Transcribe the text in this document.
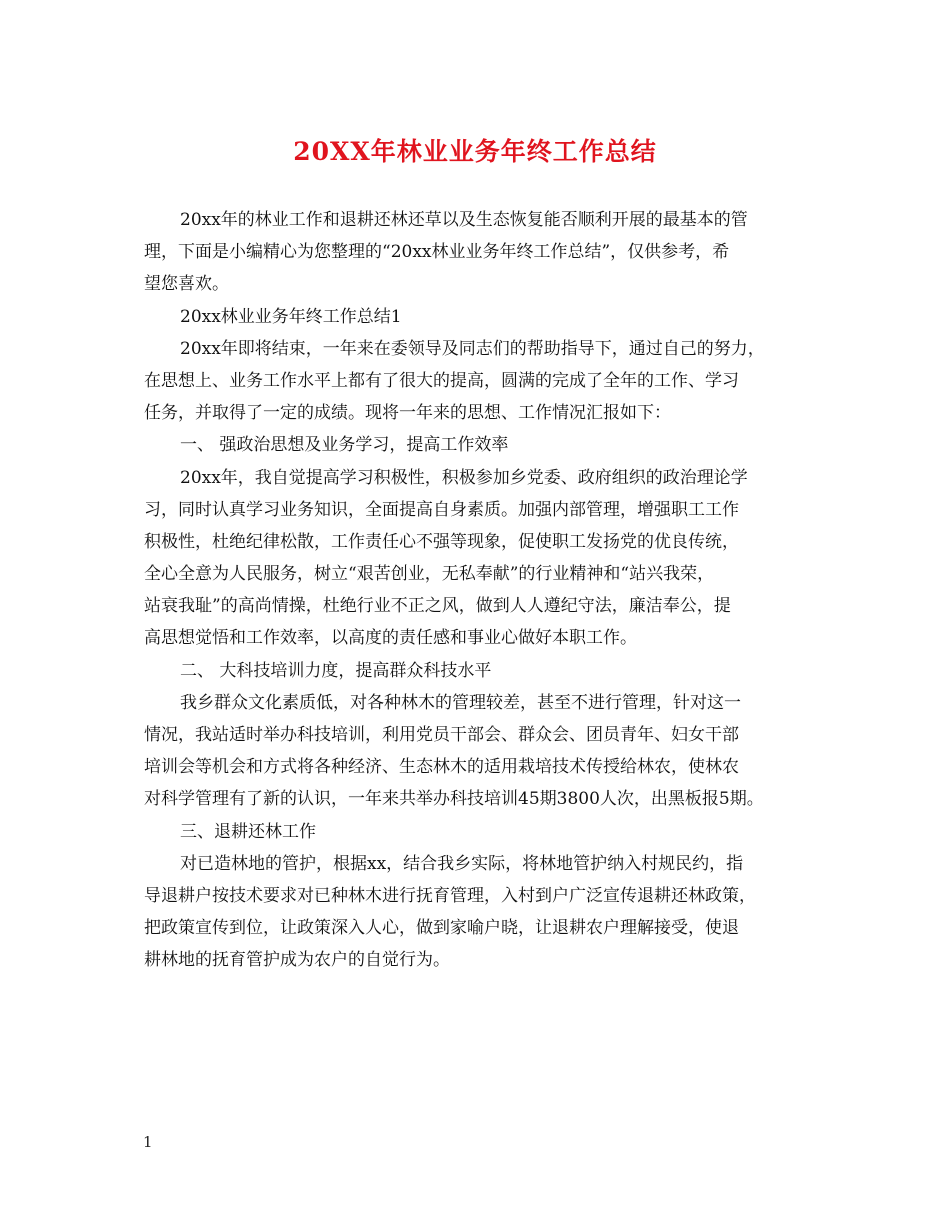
20XX年林业业务年终工作总结
20xx年的林业工作和退耕还林还草以及生态恢复能否顺利开展的最基本的管
理，下面是小编精心为您整理的“20xx林业业务年终工作总结”，仅供参考，希
望您喜欢。
20xx林业业务年终工作总结1
20xx年即将结束，一年来在委领导及同志们的帮助指导下，通过自己的努力，
在思想上、业务工作水平上都有了很大的提高，圆满的完成了全年的工作、学习
任务，并取得了一定的成绩。现将一年来的思想、工作情况汇报如下：
一、 强政治思想及业务学习，提高工作效率
20xx年，我自觉提高学习积极性，积极参加乡党委、政府组织的政治理论学
习，同时认真学习业务知识，全面提高自身素质。加强内部管理，增强职工工作
积极性，杜绝纪律松散，工作责任心不强等现象，促使职工发扬党的优良传统，
全心全意为人民服务，树立“艰苦创业，无私奉献”的行业精神和“站兴我荣，
站衰我耻”的高尚情操，杜绝行业不正之风，做到人人遵纪守法，廉洁奉公，提
高思想觉悟和工作效率，以高度的责任感和事业心做好本职工作。
二、 大科技培训力度，提高群众科技水平
我乡群众文化素质低，对各种林木的管理较差，甚至不进行管理，针对这一
情况，我站适时举办科技培训，利用党员干部会、群众会、团员青年、妇女干部
培训会等机会和方式将各种经济、生态林木的适用栽培技术传授给林农，使林农
对科学管理有了新的认识，一年来共举办科技培训45期3800人次，出黑板报5期。
三、退耕还林工作
对已造林地的管护，根据xx，结合我乡实际，将林地管护纳入村规民约，指
导退耕户按技术要求对已种林木进行抚育管理，入村到户广泛宣传退耕还林政策，
把政策宣传到位，让政策深入人心，做到家喻户晓，让退耕农户理解接受，使退
耕林地的抚育管护成为农户的自觉行为。
1
